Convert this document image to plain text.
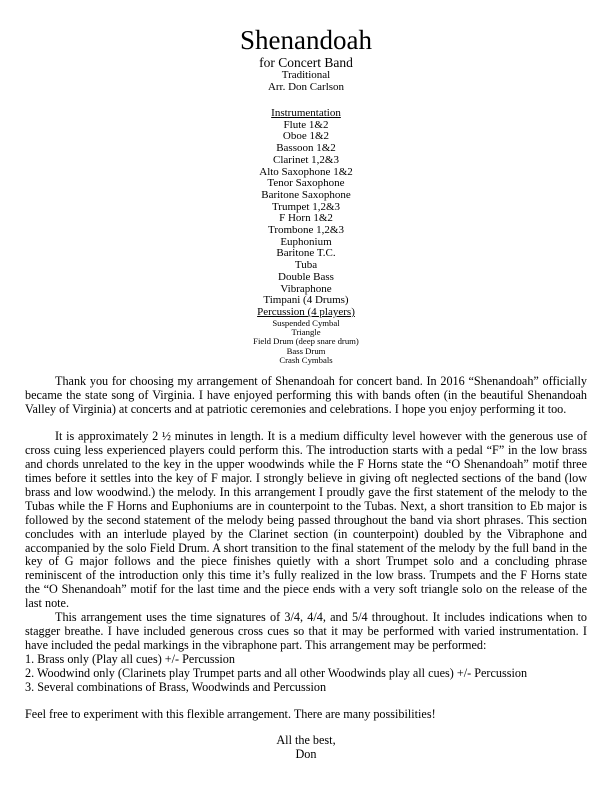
Shenandoah
for Concert Band
Traditional
Arr. Don Carlson
Instrumentation
Flute 1&2
Oboe 1&2
Bassoon 1&2
Clarinet 1,2&3
Alto Saxophone 1&2
Tenor Saxophone
Baritone Saxophone
Trumpet 1,2&3
F Horn 1&2
Trombone 1,2&3
Euphonium
Baritone T.C.
Tuba
Double Bass
Vibraphone
Timpani (4 Drums)
Percussion (4 players)
Suspended Cymbal
Triangle
Field Drum (deep snare drum)
Bass Drum
Crash Cymbals

Thank you for choosing my arrangement of Shenandoah for concert band. In 2016 “Shenandoah” officially became the state song of Virginia. I have enjoyed performing this with bands often (in the beautiful Shenandoah Valley of Virginia) at concerts and at patriotic ceremonies and celebrations. I hope you enjoy performing it too.

It is approximately 2 ½ minutes in length. It is a medium difficulty level however with the generous use of cross cuing less experienced players could perform this. The introduction starts with a pedal “F” in the low brass and chords unrelated to the key in the upper woodwinds while the F Horns state the “O Shenandoah” motif three times before it settles into the key of F major. I strongly believe in giving oft neglected sections of the band (low brass and low woodwind.) the melody. In this arrangement I proudly gave the first statement of the melody to the Tubas while the F Horns and Euphoniums are in counterpoint to the Tubas. Next, a short transition to Eb major is followed by the second statement of the melody being passed throughout the band via short phrases. This section concludes with an interlude played by the Clarinet section (in counterpoint) doubled by the Vibraphone and accompanied by the solo Field Drum. A short transition to the final statement of the melody by the full band in the key of G major follows and the piece finishes quietly with a short Trumpet solo and a concluding phrase reminiscent of the introduction only this time it’s fully realized in the low brass. Trumpets and the F Horns state the “O Shenandoah” motif for the last time and the piece ends with a very soft triangle solo on the release of the last note.

This arrangement uses the time signatures of 3/4, 4/4, and 5/4 throughout. It includes indications when to stagger breathe. I have included generous cross cues so that it may be performed with varied instrumentation. I have included the pedal markings in the vibraphone part. This arrangement may be performed:

1. Brass only (Play all cues) +/- Percussion

2. Woodwind only (Clarinets play Trumpet parts and all other Woodwinds play all cues) +/- Percussion

3. Several combinations of Brass, Woodwinds and Percussion

Feel free to experiment with this flexible arrangement. There are many possibilities!

All the best,
Don
